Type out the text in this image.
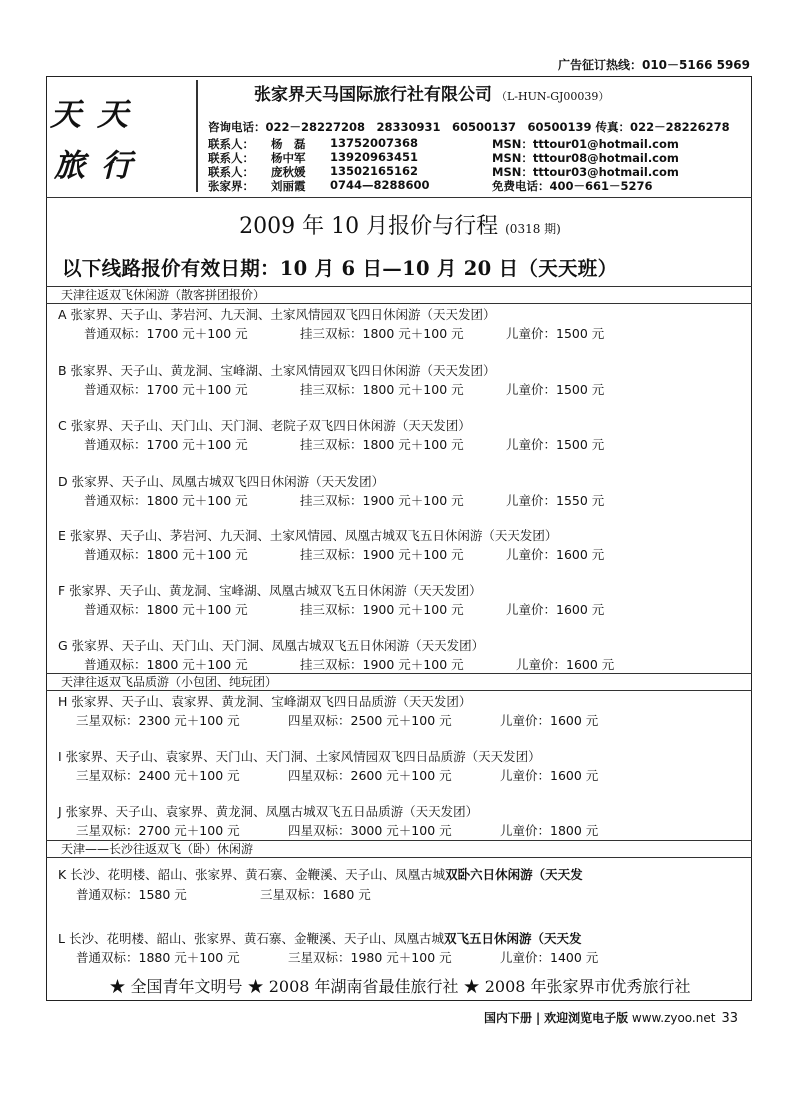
广告征订热线：010－5166 5969
天天
旅行
张家界天马国际旅行社有限公司 （L-HUN-GJ00039）
咨询电话：022－28227208　28330931　60500137　60500139 传真：022－28226278
联系人： 杨　磊 13752007368	MSN：tttour01@hotmail.com
联系人： 杨中军 13920963451	MSN：tttour08@hotmail.com
联系人： 庞秋媛 13502165162	MSN：tttour03@hotmail.com
张家界： 刘丽霞 0744—8288600	免费电话：400－661－5276
2009 年 10 月报价与行程 (0318 期)
以下线路报价有效日期：10 月 6 日—10 月 20 日（天天班）
天津往返双飞休闲游（散客拼团报价）
A 张家界、天子山、茅岩河、九天洞、土家风情园双飞四日休闲游（天天发团）
普通双标：1700 元＋100 元	挂三双标：1800 元＋100 元	儿童价：1500 元
B 张家界、天子山、黄龙洞、宝峰湖、土家风情园双飞四日休闲游（天天发团）
普通双标：1700 元＋100 元	挂三双标：1800 元＋100 元	儿童价：1500 元
C 张家界、天子山、天门山、天门洞、老院子双飞四日休闲游（天天发团）
普通双标：1700 元＋100 元	挂三双标：1800 元＋100 元	儿童价：1500 元
D 张家界、天子山、凤凰古城双飞四日休闲游（天天发团）
普通双标：1800 元＋100 元	挂三双标：1900 元＋100 元	儿童价：1550 元
E 张家界、天子山、茅岩河、九天洞、土家风情园、凤凰古城双飞五日休闲游（天天发团）
普通双标：1800 元＋100 元	挂三双标：1900 元＋100 元	儿童价：1600 元
F 张家界、天子山、黄龙洞、宝峰湖、凤凰古城双飞五日休闲游（天天发团）
普通双标：1800 元＋100 元	挂三双标：1900 元＋100 元	儿童价：1600 元
G 张家界、天子山、天门山、天门洞、凤凰古城双飞五日休闲游（天天发团）
普通双标：1800 元＋100 元	挂三双标：1900 元＋100 元	儿童价：1600 元
天津往返双飞品质游（小包团、纯玩团）
H 张家界、天子山、袁家界、黄龙洞、宝峰湖双飞四日品质游（天天发团）
三星双标：2300 元＋100 元	四星双标：2500 元＋100 元	儿童价：1600 元
I 张家界、天子山、袁家界、天门山、天门洞、土家风情园双飞四日品质游（天天发团）
三星双标：2400 元＋100 元	四星双标：2600 元＋100 元	儿童价：1600 元
J 张家界、天子山、袁家界、黄龙洞、凤凰古城双飞五日品质游（天天发团）
三星双标：2700 元＋100 元	四星双标：3000 元＋100 元	儿童价：1800 元
天津——长沙往返双飞（卧）休闲游
K 长沙、花明楼、韶山、张家界、黄石寨、金鞭溪、天子山、凤凰古城双卧六日休闲游（天天发
普通双标：1580 元	三星双标：1680 元
L 长沙、花明楼、韶山、张家界、黄石寨、金鞭溪、天子山、凤凰古城双飞五日休闲游（天天发
普通双标：1880 元＋100 元	三星双标：1980 元＋100 元	儿童价：1400 元
★ 全国青年文明号 ★ 2008 年湖南省最佳旅行社 ★ 2008 年张家界市优秀旅行社
国内下册 | 欢迎浏览电子版 www.zyoo.net 33
